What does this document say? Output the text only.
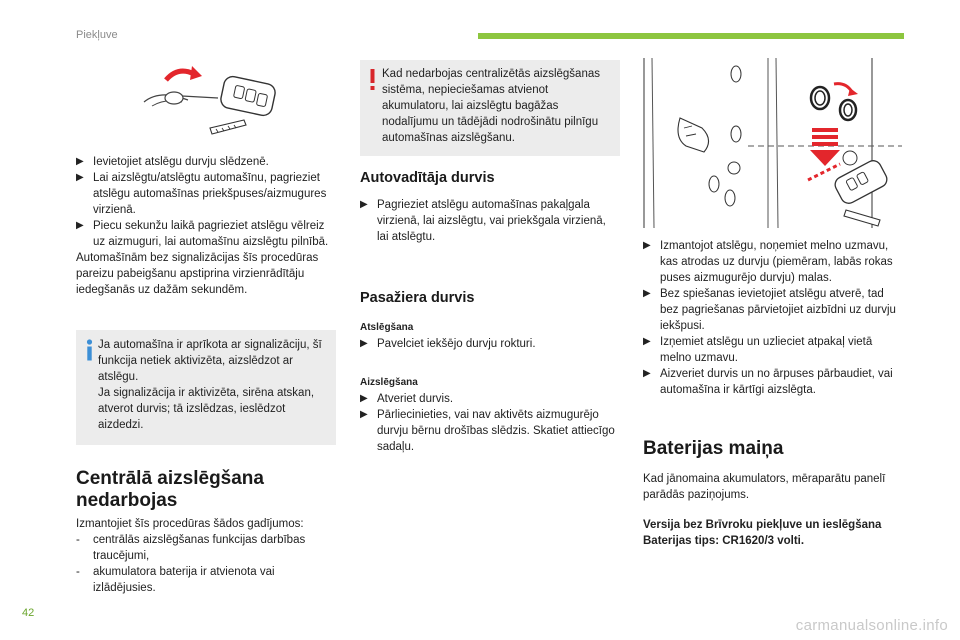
Piekļuve
▶ Ievietojiet atslēgu durvju slēdzenē.
▶ Lai aizslēgtu/atslēgtu automašīnu, pagrieziet atslēgu automašīnas priekšpuses/aizmugures virzienā.
▶ Piecu sekunžu laikā pagrieziet atslēgu vēlreiz uz aizmuguri, lai automašīnu aizslēgtu pilnībā.

Automašīnām bez signalizācijas šīs procedūras pareizu pabeigšanu apstiprina virzienrādītāju iedegšanās uz dažām sekundēm.

Ja automašīna ir aprīkota ar signalizāciju, šī funkcija netiek aktivizēta, aizslēdzot ar atslēgu.

Ja signalizācija ir aktivizēta, sirēna atskan, atverot durvis; tā izslēdzas, ieslēdzot aizdedzi.

Centrālā aizslēgšana
nedarbojas

Izmantojiet šīs procedūras šādos gadījumos:

- centrālās aizslēgšanas funkcijas darbības traucējumi,
- akumulatora baterija ir atvienota vai izlādējusies.

Kad nedarbojas centralizētās aizslēgšanas sistēma, nepieciešamas atvienot akumulatoru, lai aizslēgtu bagāžas nodalījumu un tādējādi nodrošinātu pilnīgu automašīnas aizslēgšanu.

Autovadītāja durvis
▶ Pagrieziet atslēgu automašīnas pakaļgala virzienā, lai aizslēgtu, vai priekšgala virzienā, lai atslēgtu.
Pasažiera durvis
Atslēgšana
▶ Pavelciet iekšējo durvju rokturi.
Aizslēgšana
▶ Atveriet durvis.
▶ Pārliecinieties, vai nav aktivēts aizmugurējo durvju bērnu drošības slēdzis. Skatiet attiecīgo sadaļu.
▶ Izmantojot atslēgu, noņemiet melno uzmavu, kas atrodas uz durvju (piemēram, labās rokas puses aizmugurējo durvju) malas.
▶ Bez spiešanas ievietojiet atslēgu atverē, tad bez pagriešanas pārvietojiet aizbīdni uz durvju iekšpusi.
▶ Izņemiet atslēgu un uzlieciet atpakaļ vietā melno uzmavu.
▶ Aizveriet durvis un no ārpuses pārbaudiet, vai automašīna ir kārtīgi aizslēgta.
Baterijas maiņa

Kad jānomaina akumulators, mēraparātu panelī parādās paziņojums.

Versija bez Brīvroku piekļuve un ieslēgšana

Baterijas tips: CR1620/3 volti.

42
carmanualsonline.info
